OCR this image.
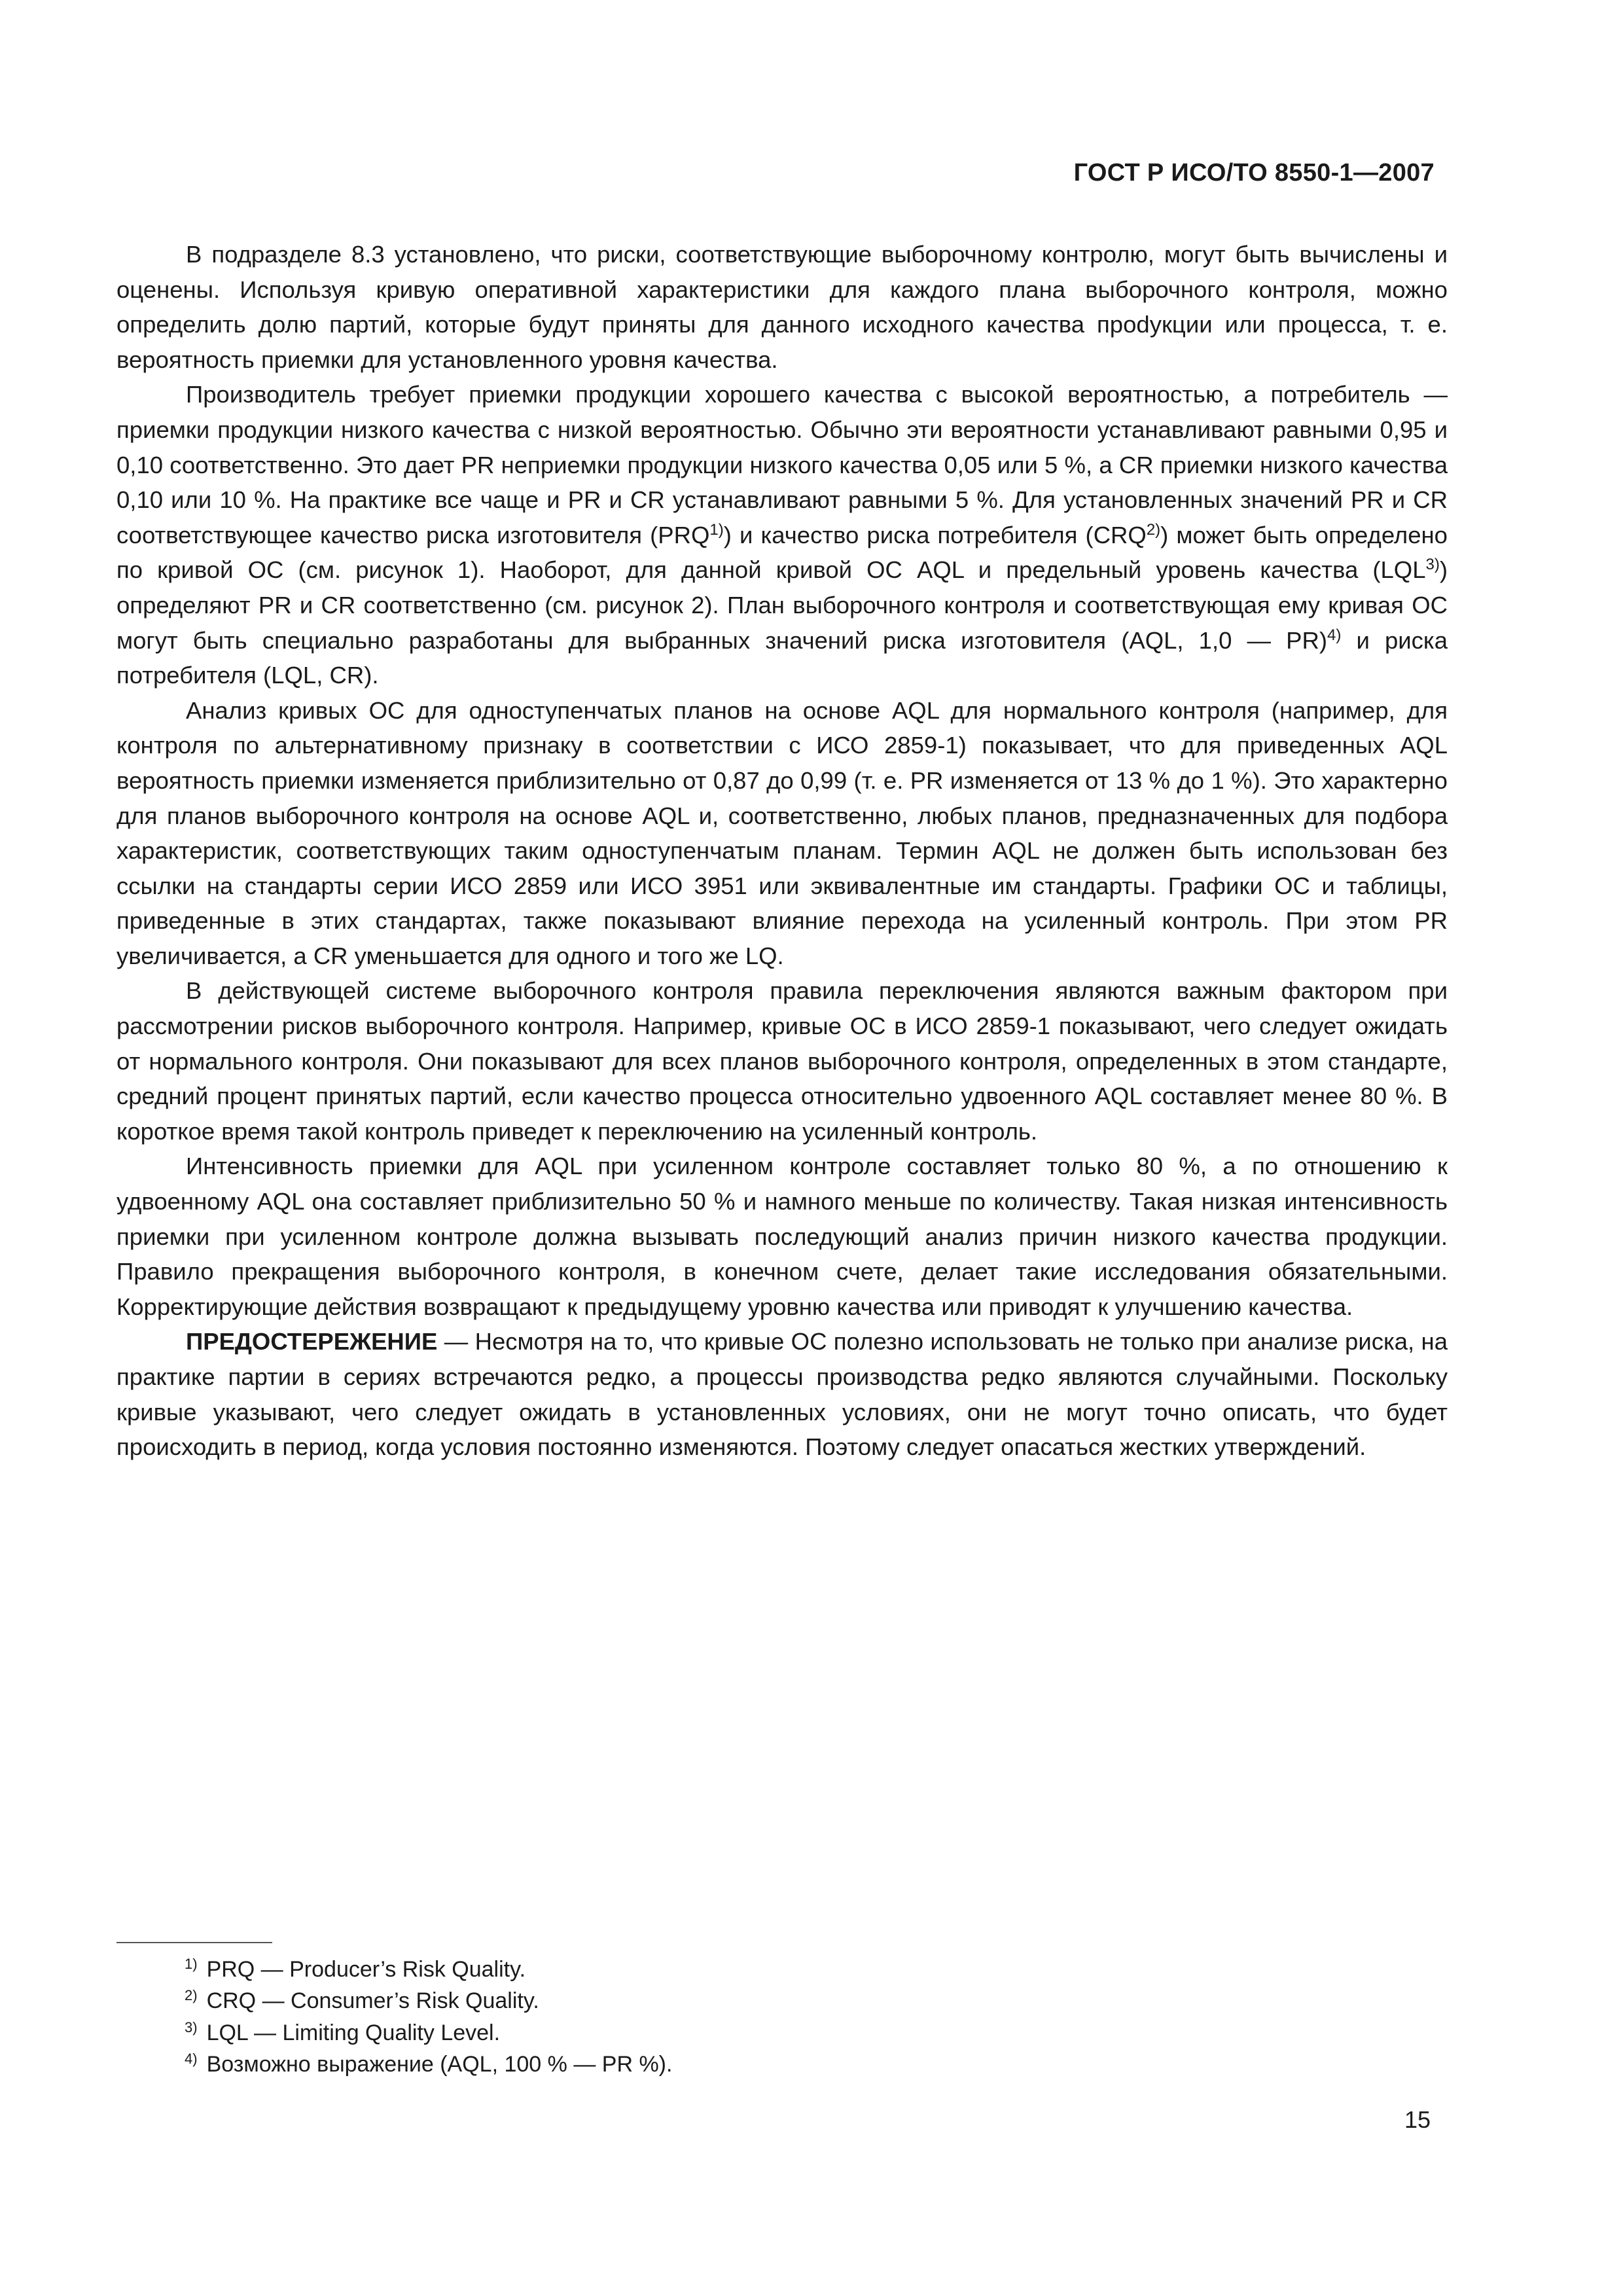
ГОСТ Р ИСО/ТО 8550-1—2007

В подразделе 8.3 установлено, что риски, соответствующие выборочному контролю, могут быть вычислены и оценены. Используя кривую оперативной характеристики для каждого плана выборочного контроля, можно определить долю партий, которые будут приняты для данного исходного качества проdукции или процесса, т. е. вероятность приемки для установленного уровня качества.

Производитель требует приемки продукции хорошего качества с высокой вероятностью, а потребитель — приемки продукции низкого качества с низкой вероятностью. Обычно эти вероятности устанавливают равными 0,95 и 0,10 соответственно. Это дает PR неприемки продукции низкого качества 0,05 или 5 %, а CR приемки низкого качества 0,10 или 10 %. На практике все чаще и PR и CR устанавливают равными 5 %. Для установленных значений PR и CR соответствующее качество риска изготовителя (PRQ$^{1)}$) и качество риска потребителя (CRQ$^{2)}$) может быть определено по кривой ОС (см. рисунок 1). Наоборот, для данной кривой ОС AQL и предельный уровень качества (LQL$^{3)}$) определяют PR и CR соответственно (см. рисунок 2). План выборочного контроля и соответствующая ему кривая ОС могут быть специально разработаны для выбранных значений риска изготовителя (AQL, 1,0 — PR)$^{4)}$ и риска потребителя (LQL, CR).

Анализ кривых ОС для одноступенчатых планов на основе AQL для нормального контроля (например, для контроля по альтернативному признаку в соответствии с ИСО 2859-1) показывает, что для приведенных AQL вероятность приемки изменяется приблизительно от 0,87 до 0,99 (т. е. PR изменяется от 13 % до 1 %). Это характерно для планов выборочного контроля на основе AQL и, соответственно, любых планов, предназначенных для подбора характеристик, соответствующих таким одноступенчатым планам. Термин AQL не должен быть использован без ссылки на стандарты серии ИСО 2859 или ИСО 3951 или эквивалентные им стандарты. Графики ОС и таблицы, приведенные в этих стандартах, также показывают влияние перехода на усиленный контроль. При этом PR увеличивается, а CR уменьшается для одного и того же LQ.

В действующей системе выборочного контроля правила переключения являются важным фактором при рассмотрении рисков выборочного контроля. Например, кривые ОС в ИСО 2859-1 показывают, чего следует ожидать от нормального контроля. Они показывают для всех планов выборочного контроля, определенных в этом стандарте, средний процент принятых партий, если качество процесса относительно удвоенного AQL составляет менее 80 %. В короткое время такой контроль приведет к переключению на усиленный контроль.

Интенсивность приемки для AQL при усиленном контроле составляет только 80 %, а по отношению к удвоенному AQL она составляет приблизительно 50 % и намного меньше по количеству. Такая низкая интенсивность приемки при усиленном контроле должна вызывать последующий анализ причин низкого качества продукции. Правило прекращения выборочного контроля, в конечном счете, делает такие исследования обязательными. Корректирующие действия возвращают к предыдущему уровню качества или приводят к улучшению качества.

ПРЕДОСТЕРЕЖЕНИЕ — Несмотря на то, что кривые ОС полезно использовать не только при анализе риска, на практике партии в сериях встречаются редко, а процессы производства редко являются случайными. Поскольку кривые указывают, чего следует ожидать в установленных условиях, они не могут точно описать, что будет происходить в период, когда условия постоянно изменяются. Поэтому следует опасаться жестких утверждений.

$^{1)}$ PRQ — Producer’s Risk Quality.
$^{2)}$ CRQ — Consumer’s Risk Quality.
$^{3)}$ LQL — Limiting Quality Level.
$^{4)}$ Возможно выражение (AQL, 100 % — PR %).
15
